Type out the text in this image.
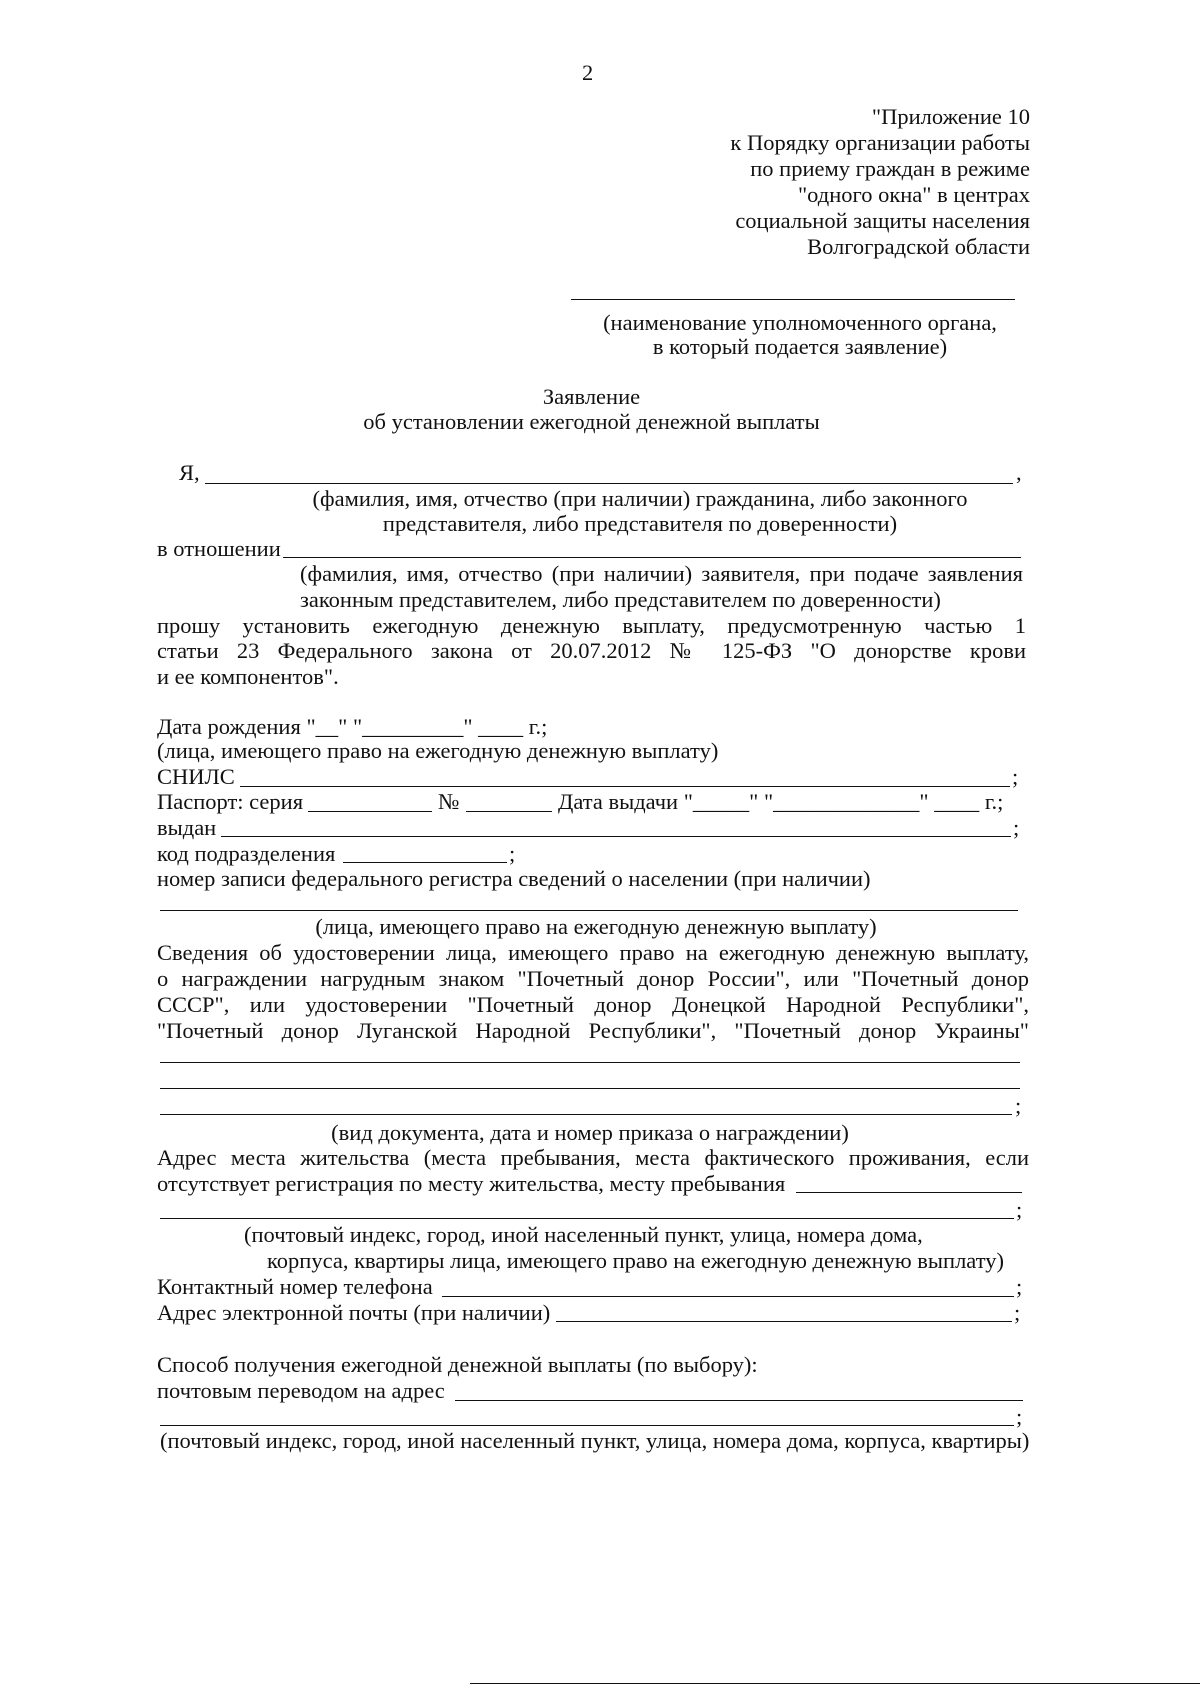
2
"Приложение 10
к Порядку организации работы
по приему граждан в режиме
"одного окна" в центрах
социальной защиты населения
Волгоградской области
(наименование уполномоченного органа,
в который подается заявление)
Заявление
об установлении ежегодной денежной выплаты
Я,	,
(фамилия, имя, отчество (при наличии) гражданина, либо законного
представителя, либо представителя по доверенности)
в отношении
(фамилия, имя, отчество (при наличии) заявителя, при подаче заявления
законным представителем, либо представителем по доверенности)
прошу установить ежегодную денежную выплату, предусмотренную частью 1
статьи 23 Федерального закона от 20.07.2012 № 125-ФЗ "О донорстве крови
и ее компонентов".
Дата рождения "__" "_________" ____ г.;
(лица, имеющего право на ежегодную денежную выплату)
СНИЛС	;
Паспорт: серия	№	Дата выдачи "_____" "_____________" ____ г.;
выдан	;
код подразделения	;
номер записи федерального регистра сведений о населении (при наличии)
(лица, имеющего право на ежегодную денежную выплату)
Сведения об удостоверении лица, имеющего право на ежегодную денежную выплату,
о награждении нагрудным знаком "Почетный донор России", или "Почетный донор
СССР", или удостоверении "Почетный донор Донецкой Народной Республики",
"Почетный донор Луганской Народной Республики", "Почетный донор Украины"
;
(вид документа, дата и номер приказа о награждении)
Адрес места жительства (места пребывания, места фактического проживания, если
отсутствует регистрация по месту жительства, месту пребывания
;
(почтовый индекс, город, иной населенный пункт, улица, номера дома,
корпуса, квартиры лица, имеющего право на ежегодную денежную выплату)
Контактный номер телефона	;
Адрес электронной почты (при наличии)	;
Способ получения ежегодной денежной выплаты (по выбору):
почтовым переводом на адрес
;
(почтовый индекс, город, иной населенный пункт, улица, номера дома, корпуса, квартиры)
